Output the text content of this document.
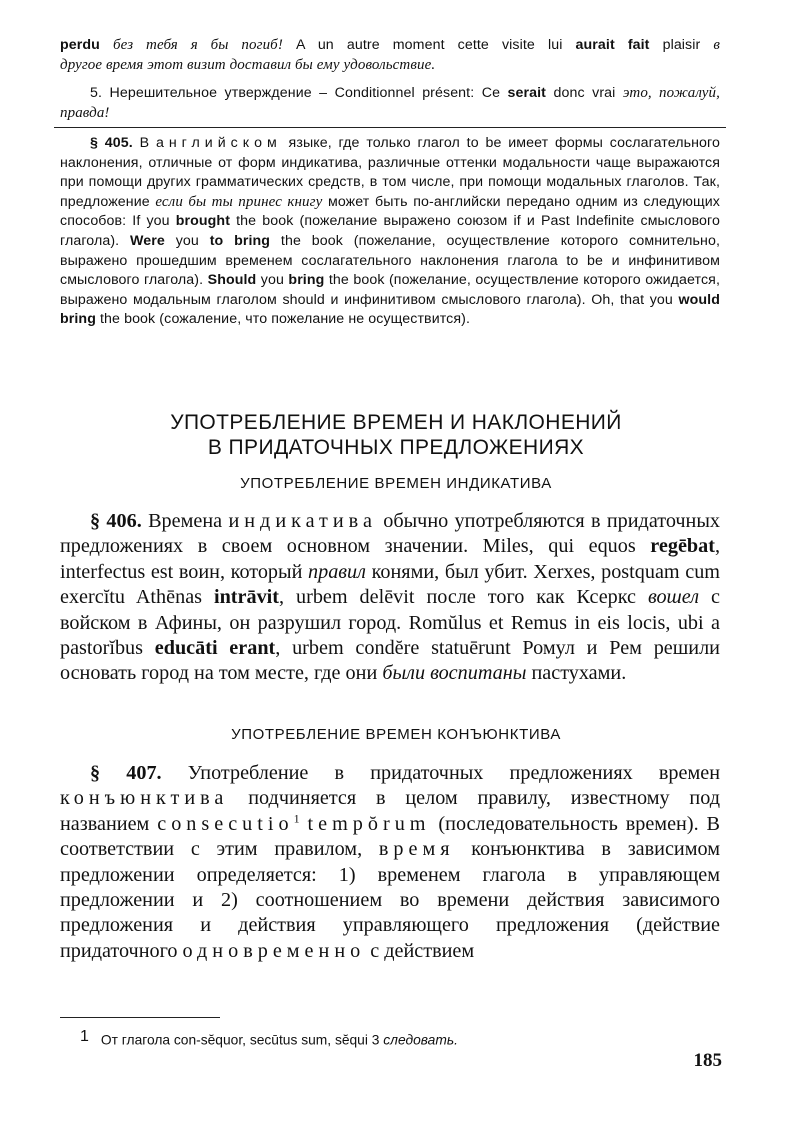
perdu без тебя я бы погиб! A un autre moment cette visite lui aurait fait plaisir в
другое время этот визит доставил бы ему удовольствие.
5. Нерешительное утверждение – Conditionnel présent: Ce serait donc vrai это, пожалуй, правда!
§ 405. В английском языке, где только глагол to be имеет формы сослагательного наклонения, отличные от форм индикатива, различные оттенки модальности чаще выражаются при помощи других грамматических средств, в том числе, при помощи модальных глаголов. Так, предложение если бы ты принес книгу может быть по-английски передано одним из следующих способов: If you brought the book (пожелание выражено союзом if и Past Indefinite смыслового глагола). Were you to bring the book (пожелание, осуществление которого сомнительно, выражено прошедшим временем сослагательного наклонения глагола to be и инфинитивом смыслового глагола). Should you bring the book (пожелание, осуществление которого ожидается, выражено модальным глаголом should и инфинитивом смыслового глагола). Oh, that you would bring the book (сожаление, что пожелание не осуществится).
УПОТРЕБЛЕНИЕ ВРЕМЕН И НАКЛОНЕНИЙ
В ПРИДАТОЧНЫХ ПРЕДЛОЖЕНИЯХ
УПОТРЕБЛЕНИЕ ВРЕМЕН ИНДИКАТИВА
§ 406. Времена индикатива обычно употребляются в придаточных предложениях в своем основном значении. Miles, qui equos regēbat, interfectus est воин, который правил конями, был убит. Xerxes, postquam cum exercĭtu Athēnas intrāvit, urbem delēvit после того как Ксеркс вошел с войском в Афины, он разрушил город. Romŭlus et Remus in eis locis, ubi a pastorĭbus educāti erant, urbem condĕre statuērunt Ромул и Рем решили основать город на том месте, где они были воспитаны пастухами.
УПОТРЕБЛЕНИЕ ВРЕМЕН КОНЪЮНКТИВА
§ 407. Употребление в придаточных предложениях времен конъюнктива подчиняется в целом правилу, известному под названием consecutio$^1$ tempŏrum (последовательность времен). В соответствии с этим правилом, время конъюнктива в зависимом предложении определяется: 1) временем глагола в управляющем предложении и 2) соотношением во времени действия зависимого предложения и действия управляющего предложения (действие придаточного одновременно с действием
$^1$ От глагола con-sĕquor, secūtus sum, sĕqui 3 следовать.
185
